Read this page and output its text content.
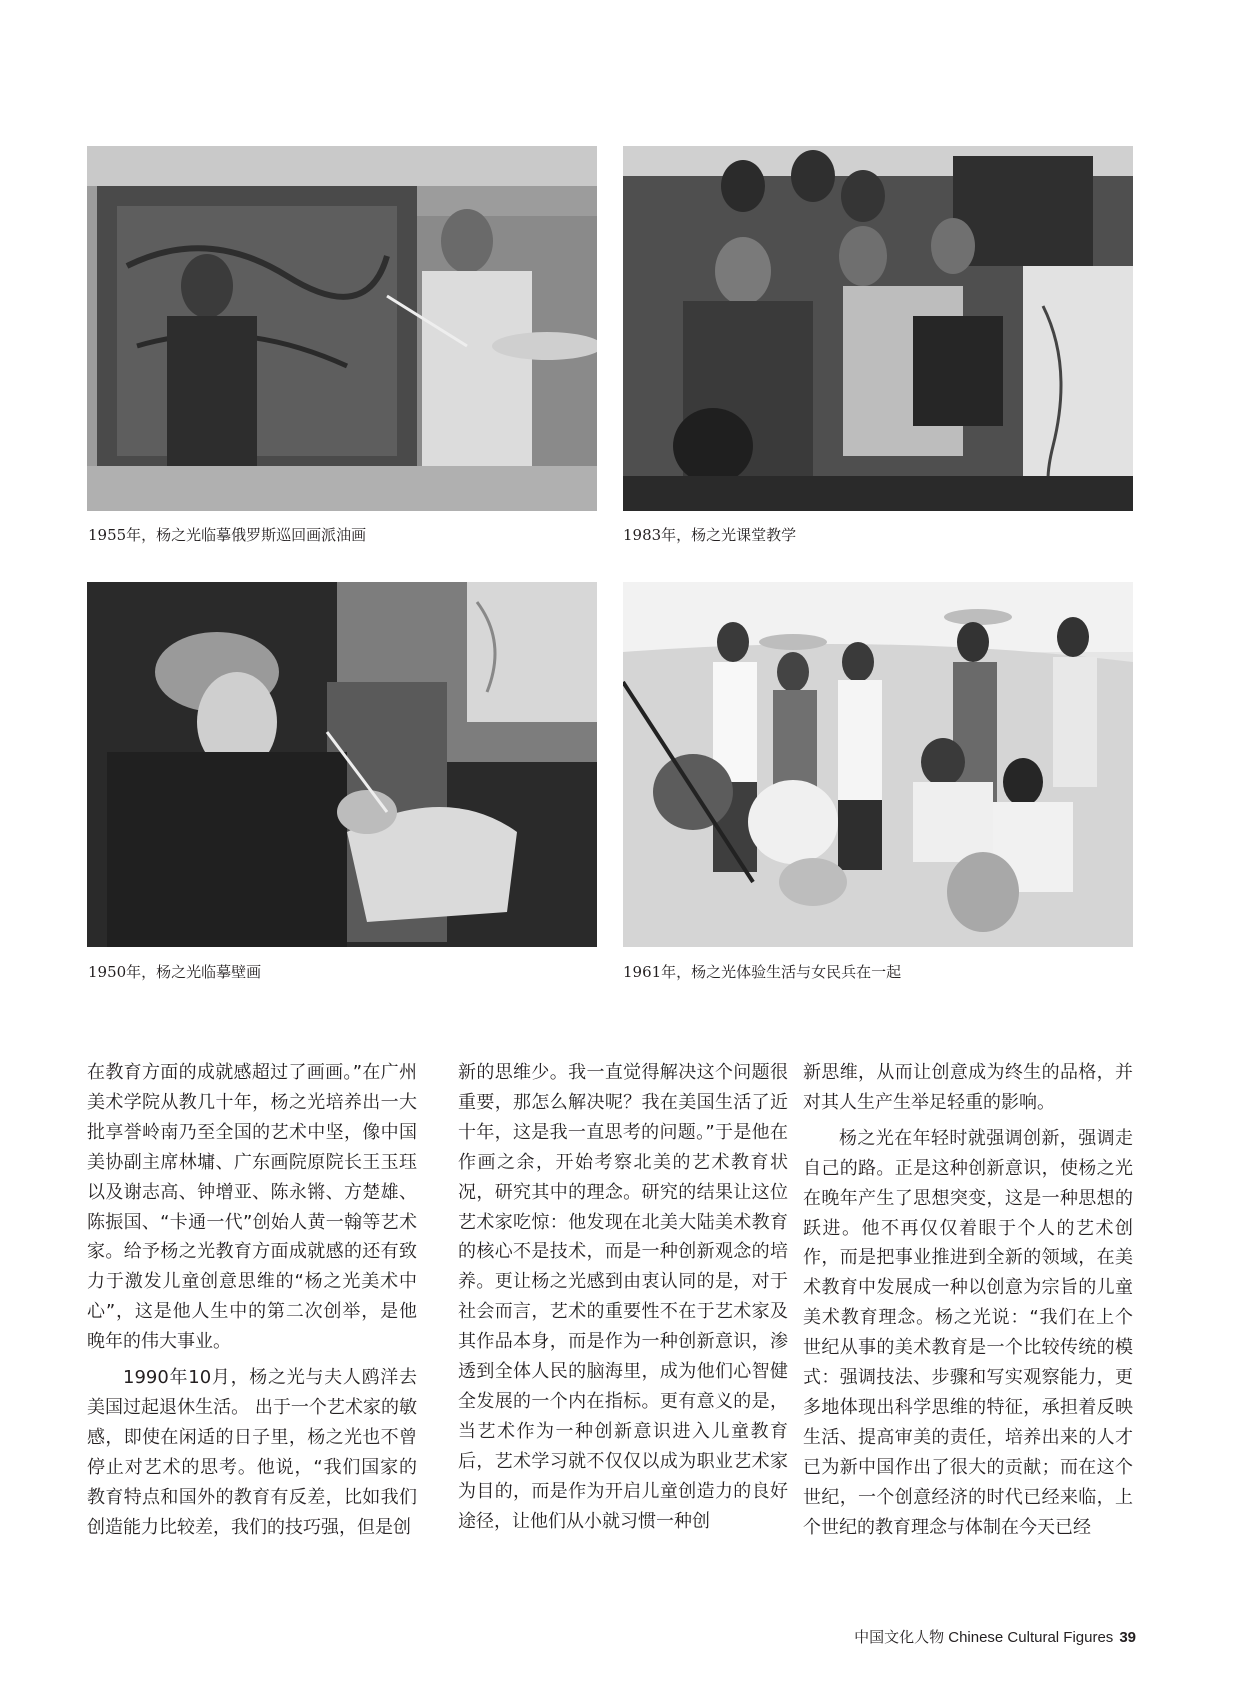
1955年，杨之光临摹俄罗斯巡回画派油画	1983年，杨之光课堂教学
1950年，杨之光临摹壁画	1961年，杨之光体验生活与女民兵在一起

在教育方面的成就感超过了画画。”在广州美术学院从教几十年，杨之光培养出一大批享誉岭南乃至全国的艺术中坚，像中国美协副主席林墉、广东画院原院长王玉珏以及谢志高、钟增亚、陈永锵、方楚雄、陈振国、“卡通一代”创始人黄一翰等艺术家。给予杨之光教育方面成就感的还有致力于激发儿童创意思维的“杨之光美术中心”，这是他人生中的第二次创举，是他晚年的伟大事业。

1990年10月，杨之光与夫人鸥洋去美国过起退休生活。 出于一个艺术家的敏感，即使在闲适的日子里，杨之光也不曾停止对艺术的思考。他说，“我们国家的教育特点和国外的教育有反差，比如我们创造能力比较差，我们的技巧强，但是创

新的思维少。我一直觉得解决这个问题很重要，那怎么解决呢？我在美国生活了近十年，这是我一直思考的问题。”于是他在作画之余，开始考察北美的艺术教育状况，研究其中的理念。研究的结果让这位艺术家吃惊：他发现在北美大陆美术教育的核心不是技术，而是一种创新观念的培养。更让杨之光感到由衷认同的是，对于社会而言，艺术的重要性不在于艺术家及其作品本身，而是作为一种创新意识，渗透到全体人民的脑海里，成为他们心智健全发展的一个内在指标。更有意义的是，当艺术作为一种创新意识进入儿童教育后，艺术学习就不仅仅以成为职业艺术家为目的，而是作为开启儿童创造力的良好途径，让他们从小就习惯一种创

新思维，从而让创意成为终生的品格，并对其人生产生举足轻重的影响。

杨之光在年轻时就强调创新，强调走自己的路。正是这种创新意识，使杨之光在晚年产生了思想突变，这是一种思想的跃进。他不再仅仅着眼于个人的艺术创作，而是把事业推进到全新的领域，在美术教育中发展成一种以创意为宗旨的儿童美术教育理念。杨之光说：“我们在上个世纪从事的美术教育是一个比较传统的模式：强调技法、步骤和写实观察能力，更多地体现出科学思维的特征，承担着反映生活、提高审美的责任，培养出来的人才已为新中国作出了很大的贡献；而在这个世纪，一个创意经济的时代已经来临，上个世纪的教育理念与体制在今天已经

中国文化人物 Chinese Cultural Figures 39
